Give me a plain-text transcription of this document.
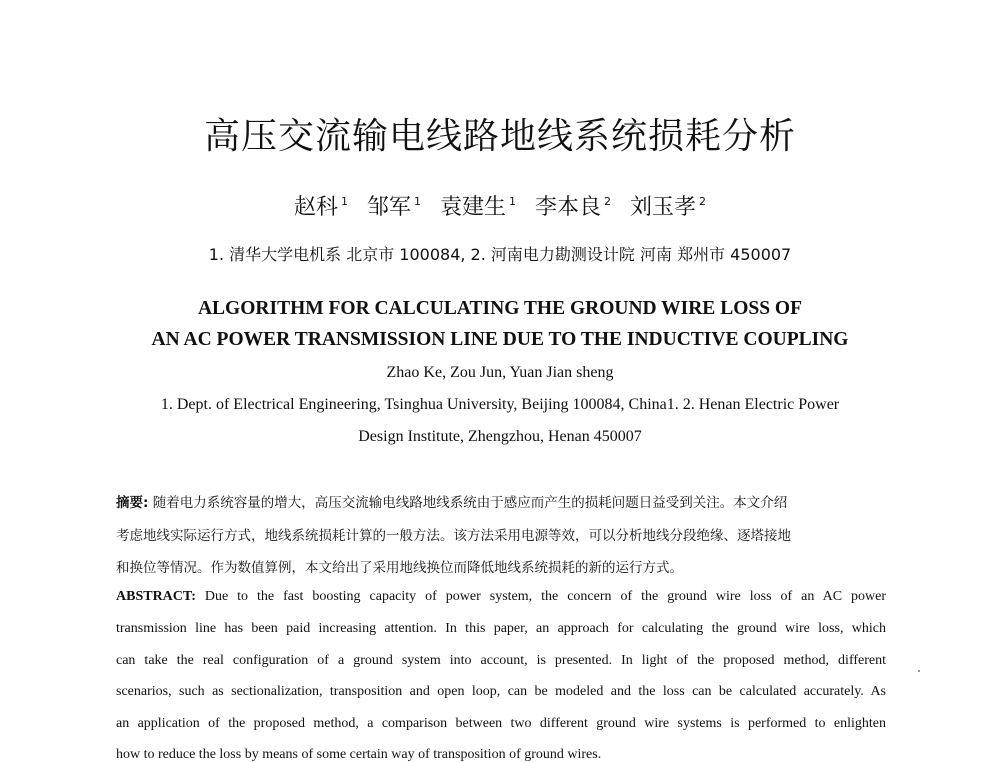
高压交流输电线路地线系统损耗分析
赵科 $^1$ 邹军 $^1$ 袁建生 $^1$ 李本良 $^2$ 刘玉孝 $^2$
1. 清华大学电机系 北京市 100084, 2. 河南电力勘测设计院 河南 郑州市 450007
ALGORITHM FOR CALCULATING THE GROUND WIRE LOSS OF
AN AC POWER TRANSMISSION LINE DUE TO THE INDUCTIVE COUPLING
Zhao Ke, Zou Jun, Yuan Jian sheng
1. Dept. of Electrical Engineering, Tsinghua University, Beijing 100084, China1. 2. Henan Electric Power
Design Institute, Zhengzhou, Henan 450007
摘要: 随着电力系统容量的增大，高压交流输电线路地线系统由于感应而产生的损耗问题日益受到关注。本文介绍
考虑地线实际运行方式，地线系统损耗计算的一般方法。该方法采用电源等效，可以分析地线分段绝缘、逐塔接地
和换位等情况。作为数值算例，本文给出了采用地线换位而降低地线系统损耗的新的运行方式。
ABSTRACT: Due to the fast boosting capacity of power system, the concern of the ground wire loss of an AC power
transmission line has been paid increasing attention. In this paper, an approach for calculating the ground wire loss, which
can take the real configuration of a ground system into account, is presented. In light of the proposed method, different
scenarios, such as sectionalization, transposition and open loop, can be modeled and the loss can be calculated accurately. As
an application of the proposed method, a comparison between two different ground wire systems is performed to enlighten
how to reduce the loss by means of some certain way of transposition of ground wires.
